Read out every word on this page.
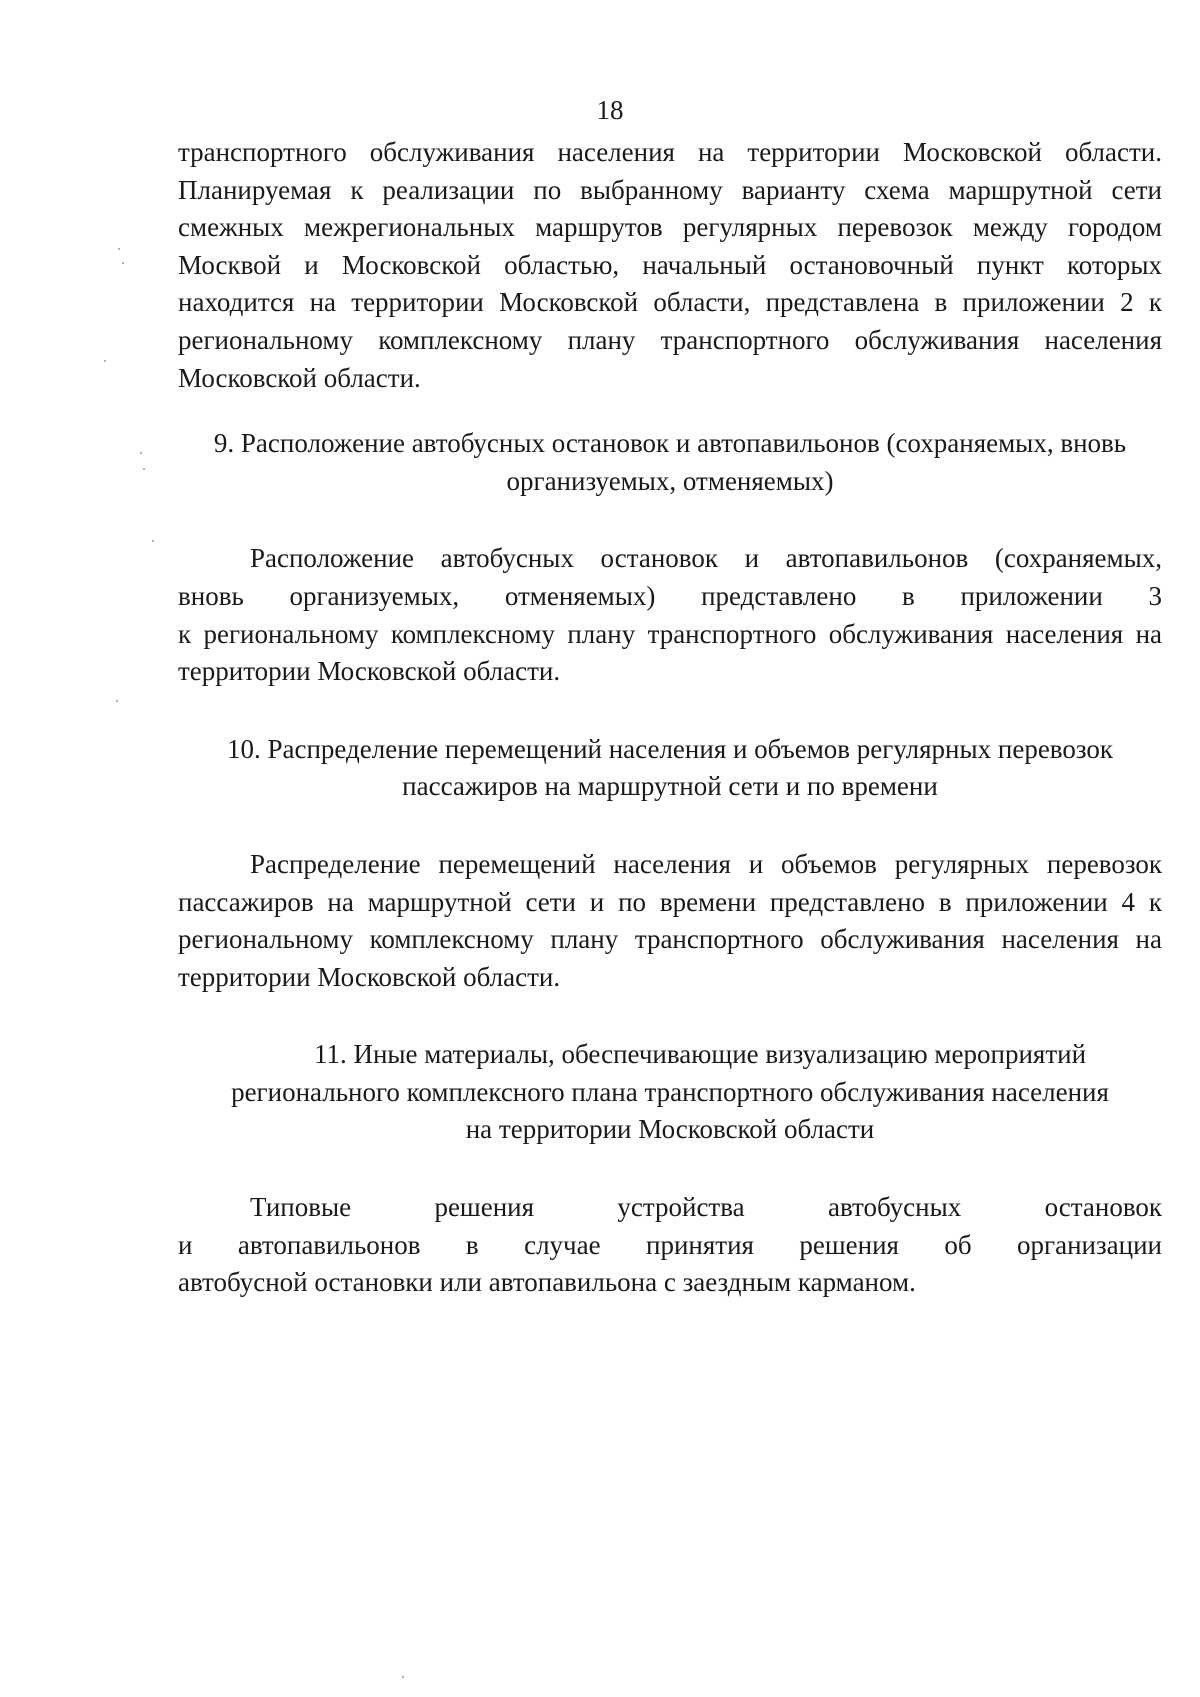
18

транспортного обслуживания населения на территории Московской области. Планируемая к реализации по выбранному варианту схема маршрутной сети смежных межрегиональных маршрутов регулярных перевозок между городом Москвой и Московской областью, начальный остановочный пункт которых находится на территории Московской области, представлена в приложении 2 к региональному комплексному плану транспортного обслуживания населения Московской области.

9. Расположение автобусных остановок и автопавильонов (сохраняемых, вновь
организуемых, отменяемых)
Расположение автобусных остановок и автопавильонов (сохраняемых,
вновь организуемых, отменяемых) представлено в приложении 3
к региональному комплексному плану транспортного обслуживания населения на территории Московской области.
10. Распределение перемещений населения и объемов регулярных перевозок
пассажиров на маршрутной сети и по времени

Распределение перемещений населения и объемов регулярных перевозок пассажиров на маршрутной сети и по времени представлено в приложении 4 к региональному комплексному плану транспортного обслуживания населения на территории Московской области.

11. Иные материалы, обеспечивающие визуализацию мероприятий
регионального комплексного плана транспортного обслуживания населения
на территории Московской области
Типовые решения устройства автобусных остановок
и автопавильонов в случае принятия решения об организации
автобусной остановки или автопавильона с заездным карманом.
